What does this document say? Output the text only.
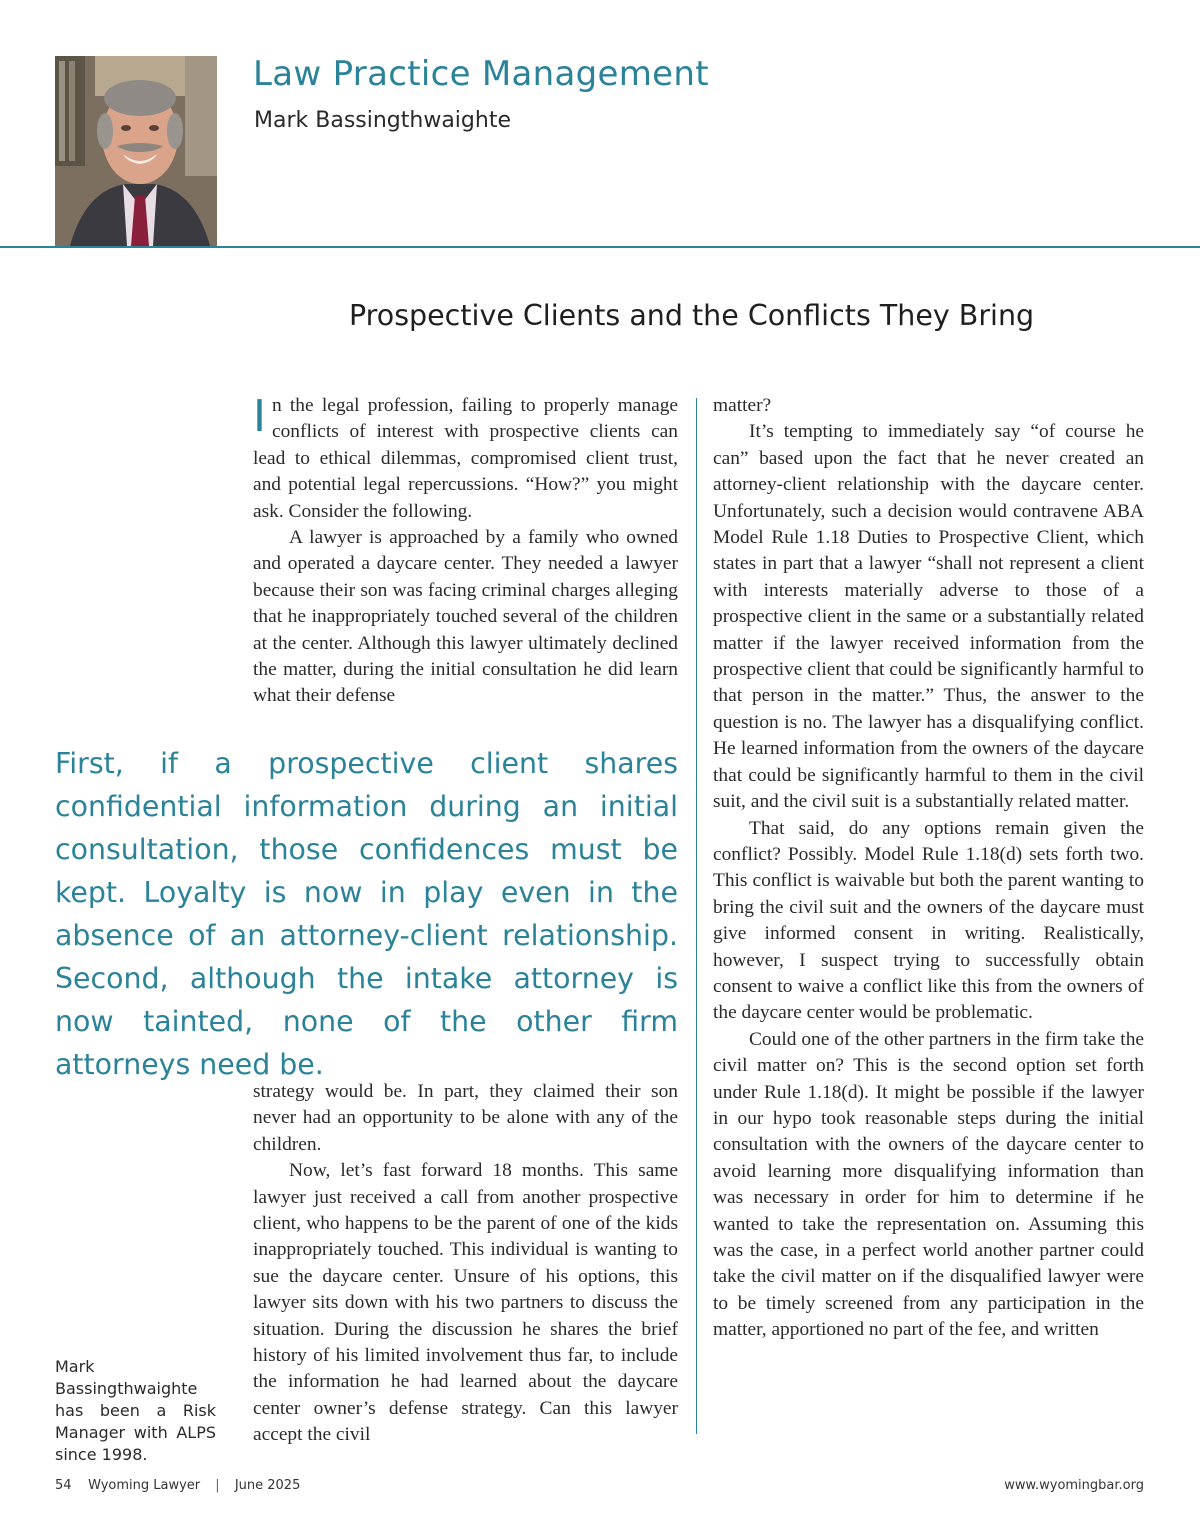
Law Practice Management
Mark Bassingthwaighte
Prospective Clients and the Conflicts They Bring

In the legal profession, failing to properly manage conflicts of interest with prospective clients can lead to ethical dilemmas, compromised client trust, and potential legal repercussions. “How?” you might ask. Consider the following.

A lawyer is approached by a family who owned and operated a daycare center. They needed a lawyer because their son was facing criminal charges alleging that he inappropriately touched several of the children at the center. Although this lawyer ultimately declined the matter, during the initial consultation he did learn what their defense

First, if a prospective client shares confidential information during an initial consultation, those confidences must be kept. Loyalty is now in play even in the absence of an attorney-client relationship. Second, although the intake attorney is now tainted, none of the other firm attorneys need be.

strategy would be. In part, they claimed their son never had an opportunity to be alone with any of the children.

Now, let’s fast forward 18 months. This same lawyer just received a call from another prospective client, who happens to be the parent of one of the kids inappropriately touched. This individual is wanting to sue the daycare center. Unsure of his options, this lawyer sits down with his two partners to discuss the situation. During the discussion he shares the brief history of his limited involvement thus far, to include the information he had learned about the daycare center owner’s defense strategy. Can this lawyer accept the civil

matter?

It’s tempting to immediately say “of course he can” based upon the fact that he never created an attorney-client relationship with the daycare center. Unfortunately, such a decision would contravene ABA Model Rule 1.18 Duties to Prospective Client, which states in part that a lawyer “shall not represent a client with interests materially adverse to those of a prospective client in the same or a substantially related matter if the lawyer received information from the prospective client that could be significantly harmful to that person in the matter.” Thus, the answer to the question is no. The lawyer has a disqualifying conflict. He learned information from the owners of the daycare that could be significantly harmful to them in the civil suit, and the civil suit is a substantially related matter.

That said, do any options remain given the conflict? Possibly. Model Rule 1.18(d) sets forth two. This conflict is waivable but both the parent wanting to bring the civil suit and the owners of the daycare must give informed consent in writing. Realistically, however, I suspect trying to successfully obtain consent to waive a conflict like this from the owners of the daycare center would be problematic.

Could one of the other partners in the firm take the civil matter on? This is the second option set forth under Rule 1.18(d). It might be possible if the lawyer in our hypo took reasonable steps during the initial consultation with the owners of the daycare center to avoid learning more disqualifying information than was necessary in order for him to determine if he wanted to take the representation on. Assuming this was the case, in a perfect world another partner could take the civil matter on if the disqualified lawyer were to be timely screened from any participation in the matter, apportioned no part of the fee, and written

Mark Bassingthwaighte has been a Risk Manager with ALPS since 1998.
54 Wyoming Lawyer | June 2025	www.wyomingbar.org
